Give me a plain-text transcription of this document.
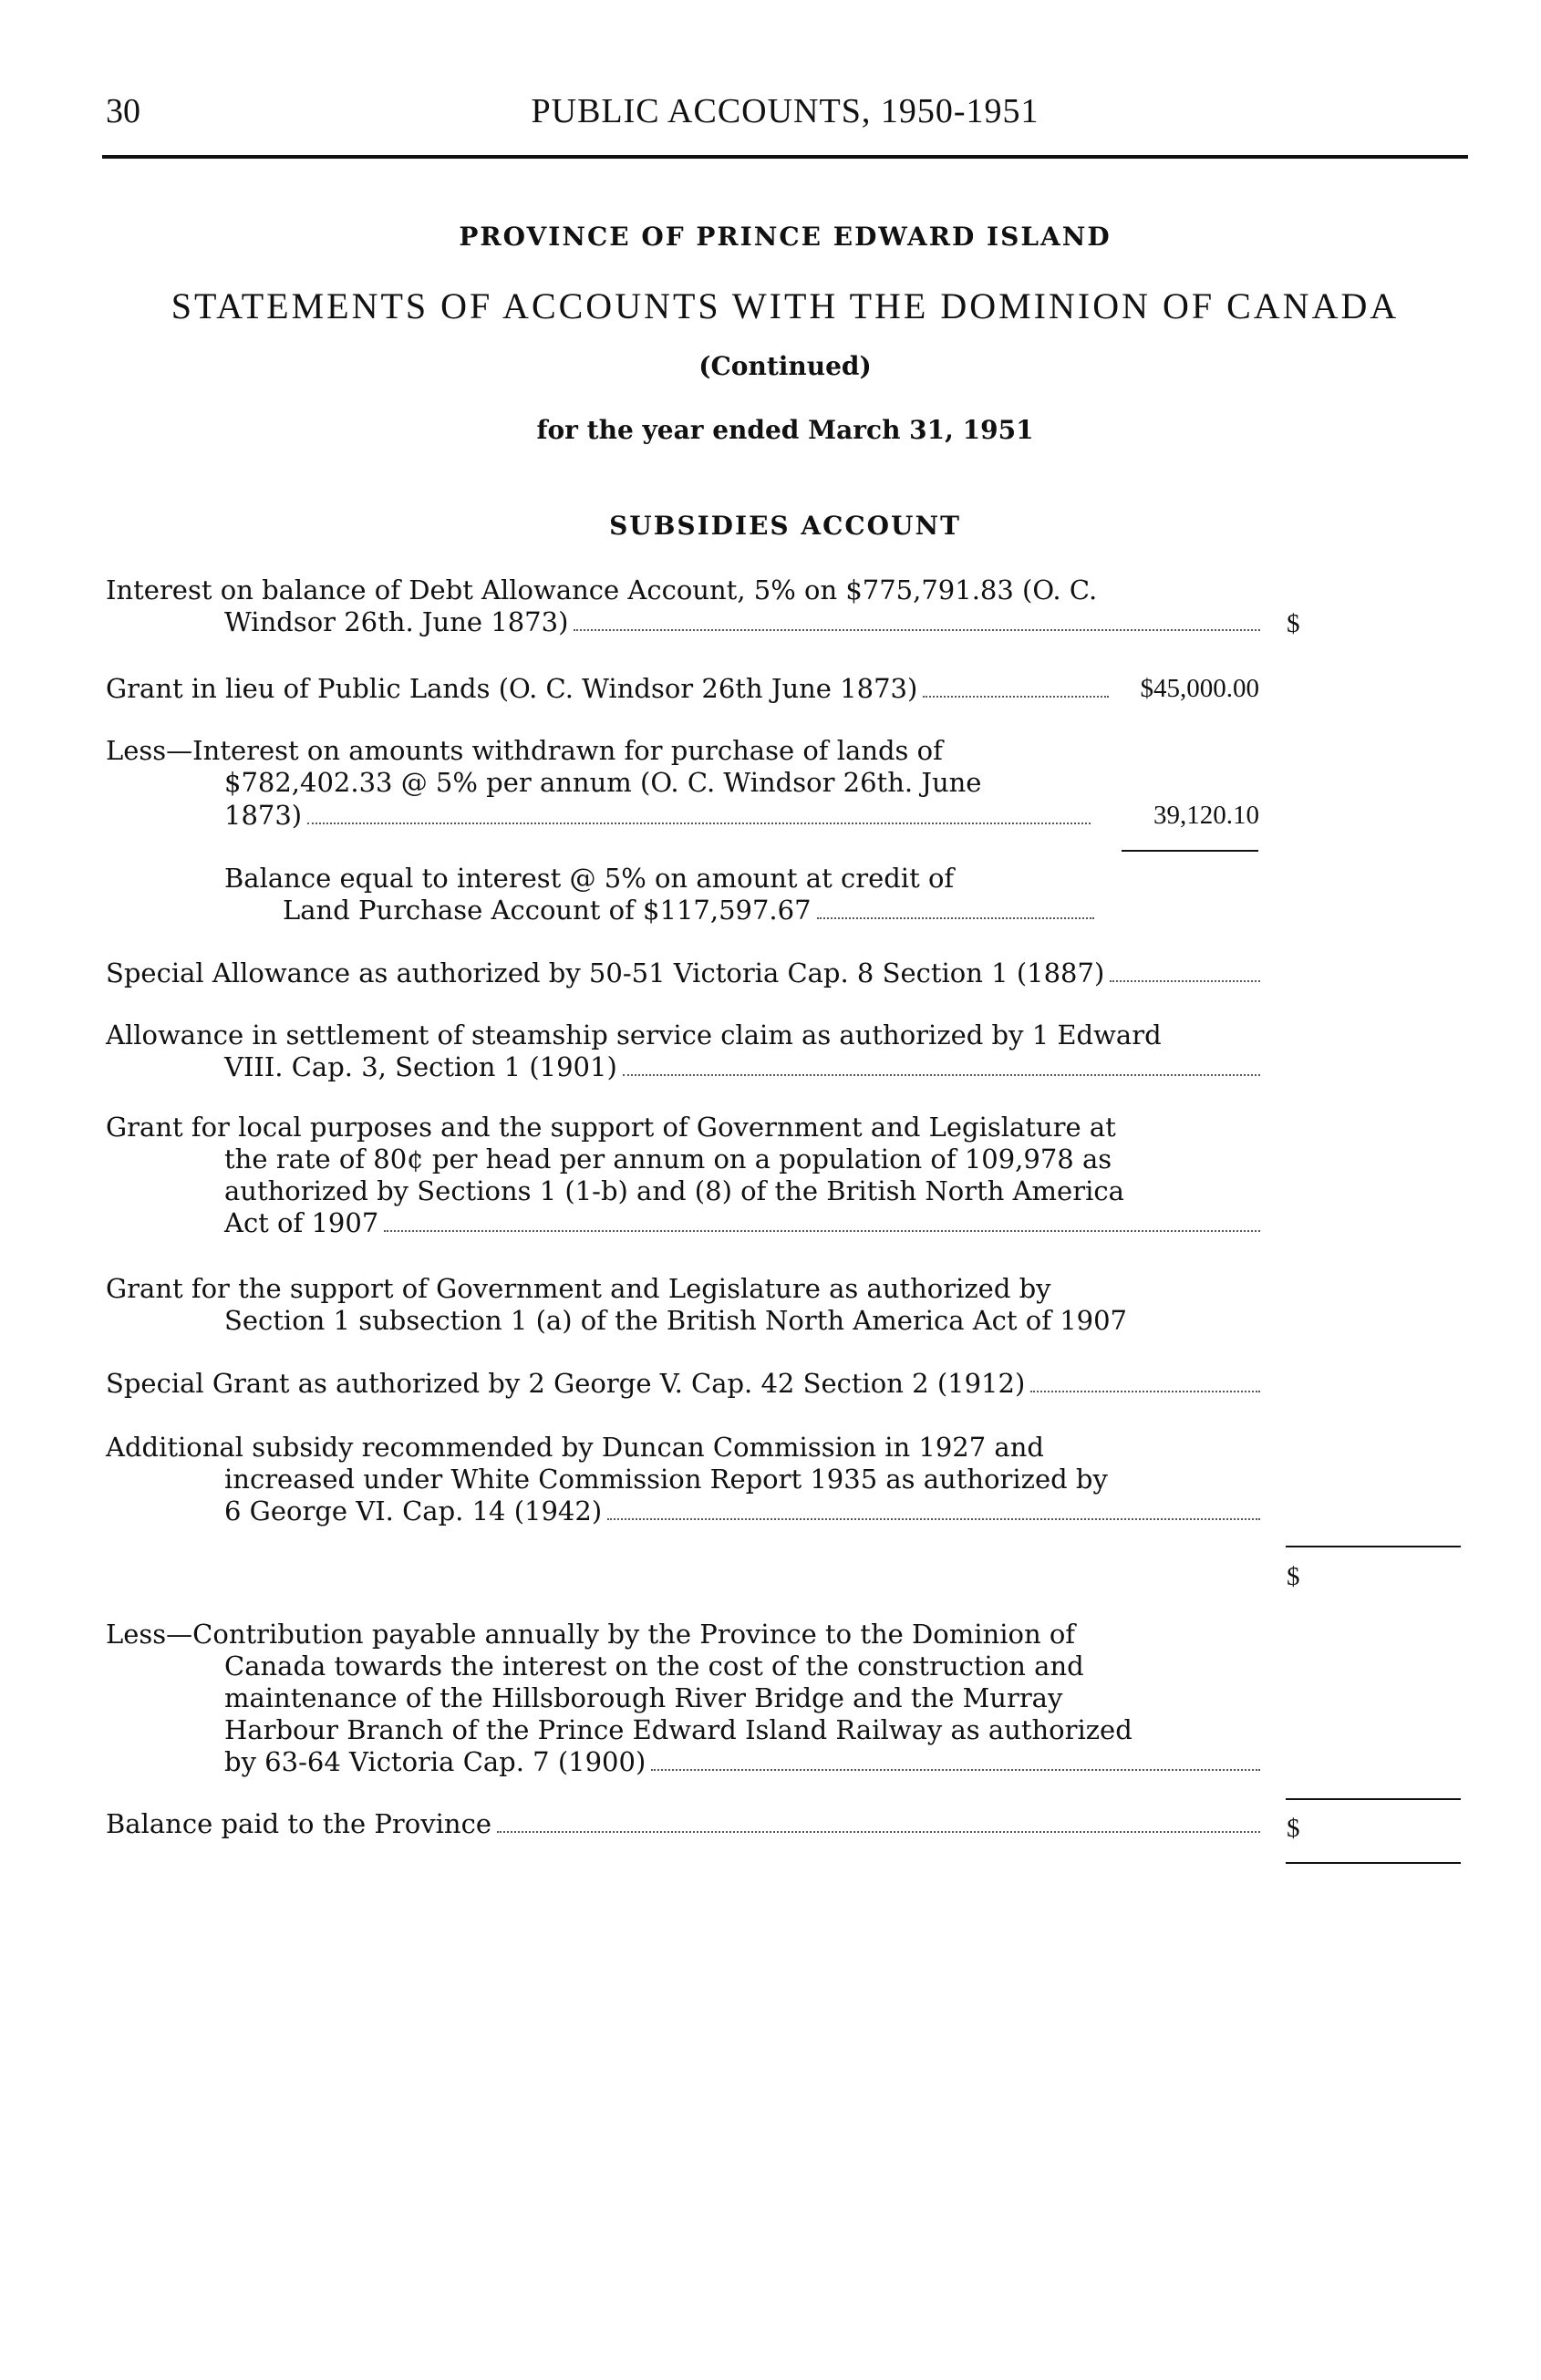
30	PUBLIC ACCOUNTS, 1950-1951
PROVINCE OF PRINCE EDWARD ISLAND
STATEMENTS OF ACCOUNTS WITH THE DOMINION OF CANADA
(Continued)
for the year ended March 31, 1951
SUBSIDIES ACCOUNT
Interest on balance of Debt Allowance Account, 5% on $775,791.83 (O. C.
Windsor 26th. June 1873)	$
Grant in lieu of Public Lands (O. C. Windsor 26th June 1873)	$45,000.00
Less—Interest on amounts withdrawn for purchase of lands of
$782,402.33 @ 5% per annum (O. C. Windsor 26th. June
1873)	39,120.10
Balance equal to interest @ 5% on amount at credit of
Land Purchase Account of $117,597.67
Special Allowance as authorized by 50-51 Victoria Cap. 8 Section 1 (1887)
Allowance in settlement of steamship service claim as authorized by 1 Edward
VIII. Cap. 3, Section 1 (1901)
Grant for local purposes and the support of Government and Legislature at
the rate of 80¢ per head per annum on a population of 109,978 as
authorized by Sections 1 (1-b) and (8) of the British North America
Act of 1907
Grant for the support of Government and Legislature as authorized by
Section 1 subsection 1 (a) of the British North America Act of 1907
Special Grant as authorized by 2 George V. Cap. 42 Section 2 (1912)
Additional subsidy recommended by Duncan Commission in 1927 and
increased under White Commission Report 1935 as authorized by
6 George VI. Cap. 14 (1942)
$
Less—Contribution payable annually by the Province to the Dominion of
Canada towards the interest on the cost of the construction and
maintenance of the Hillsborough River Bridge and the Murray
Harbour Branch of the Prince Edward Island Railway as authorized
by 63-64 Victoria Cap. 7 (1900)
Balance paid to the Province	$
